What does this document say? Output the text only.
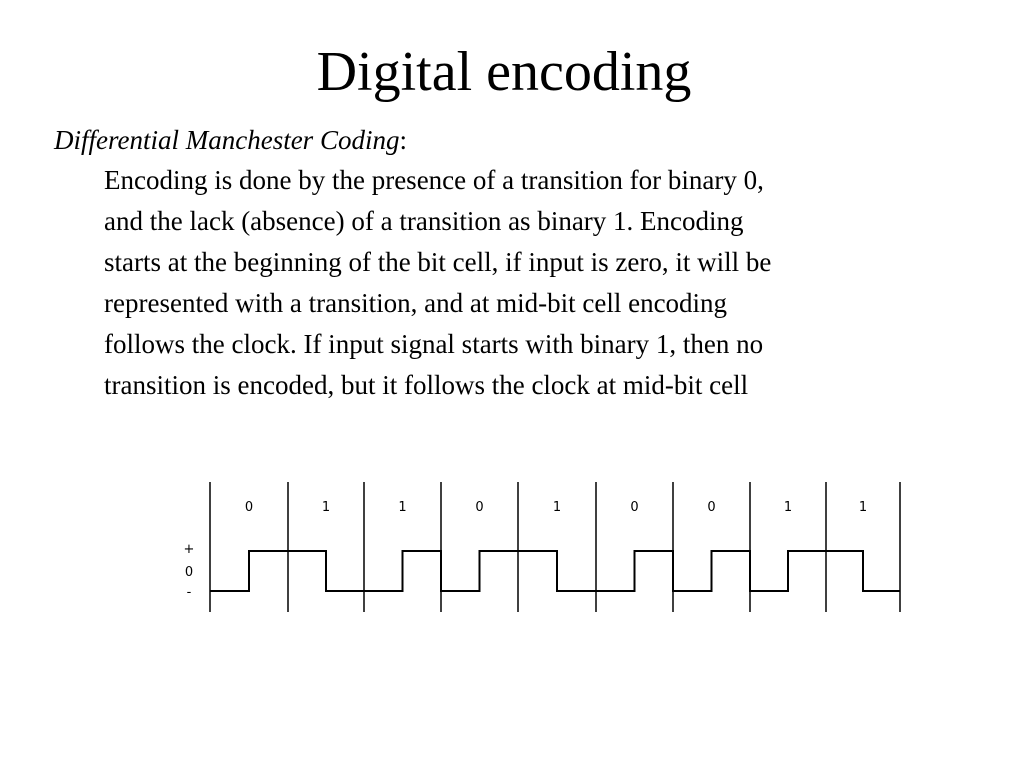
Digital encoding
Differential Manchester Coding:

Encoding is done by the presence of a transition for binary 0,
and the lack (absence) of a transition as binary 1. Encoding
starts at the beginning of the bit cell, if input is zero, it will be
represented with a transition, and at mid-bit cell encoding
follows the clock. If input signal starts with binary 1, then no
transition is encoded, but it follows the clock at mid-bit cell

0	1	1	0	1	0	0	1	1
+
0
-
